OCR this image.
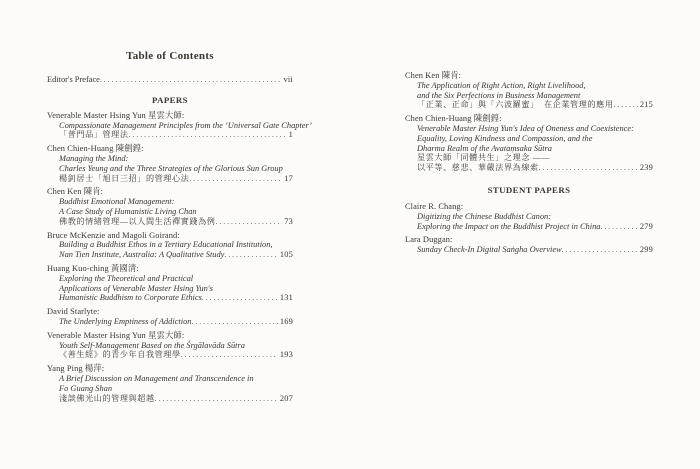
Table of Contents
Editor's Preface .....	vii
PAPERS
Venerable Master Hsing Yun 星雲大師:
Compassionate Management Principles from the ‘Universal Gate Chapter’
「普門品」管理法 .....	1
Chen Chien-Huang 陳劍鍠:
Managing the Mind:
Charles Yeung and the Three Strategies of the Glorious Sun Group
楊釗居士「旭日三招」的管理心法 .....	17
Chen Ken 陳肯:
Buddhist Emotional Management:
A Case Study of Humanistic Living Chan
佛教的情緒管理—以人間生活禪實踐為例 .....	73
Bruce McKenzie and Magoli Goirand:
Building a Buddhist Ethos in a Tertiary Educational Institution,
Nan Tien Institute, Australia: A Qualitative Study .....	105
Huang Kuo-ching 黃國清:
Exploring the Theoretical and Practical
Applications of Venerable Master Hsing Yun's
Humanistic Buddhism to Corporate Ethics .....	131
David Starlyte:
The Underlying Emptiness of Addiction .....	169
Venerable Master Hsing Yun 星雲大師:
Youth Self-Management Based on the Śrgālavāda Sūtra
《善生經》的青少年自我管理學 .....	193
Yang Ping 楊萍:
A Brief Discussion on Management and Transcendence in
Fo Guang Shan
淺談佛光山的管理與超越 .....	207
Chen Ken 陳肯:
The Application of Right Action, Right Livelihood,
and the Six Perfections in Business Management
「正業、正命」與「六波羅蜜」  在企業管理的應用 .....	215
Chen Chien-Huang 陳劍鍠:
Venerable Master Hsing Yun's Idea of Oneness and Coexistence:
Equality, Loving Kindness and Compassion, and the
Dharma Realm of the Avataṃsaka Sūtra
星雲大師「同體共生」之理念 ——
以平等、慈悲、華嚴法界為線索 .....	239
STUDENT PAPERS
Claire R. Chang:
Digitizing the Chinese Buddhist Canon:
Exploring the Impact on the Buddhist Project in China .....	279
Lara Duggan:
Sunday Check-In Digital Saṅgha Overview .....	299
